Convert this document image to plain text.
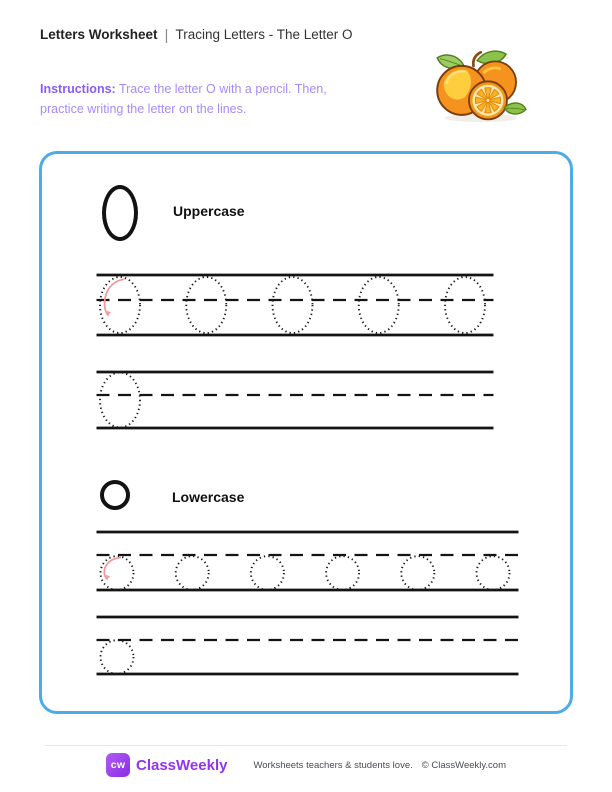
Letters Worksheet | Tracing Letters - The Letter O
Instructions: Trace the letter O with a pencil. Then,
practice writing the letter on the lines.
Uppercase
Lowercase
cw ClassWeekly	Worksheets teachers & students love. © ClassWeekly.com
